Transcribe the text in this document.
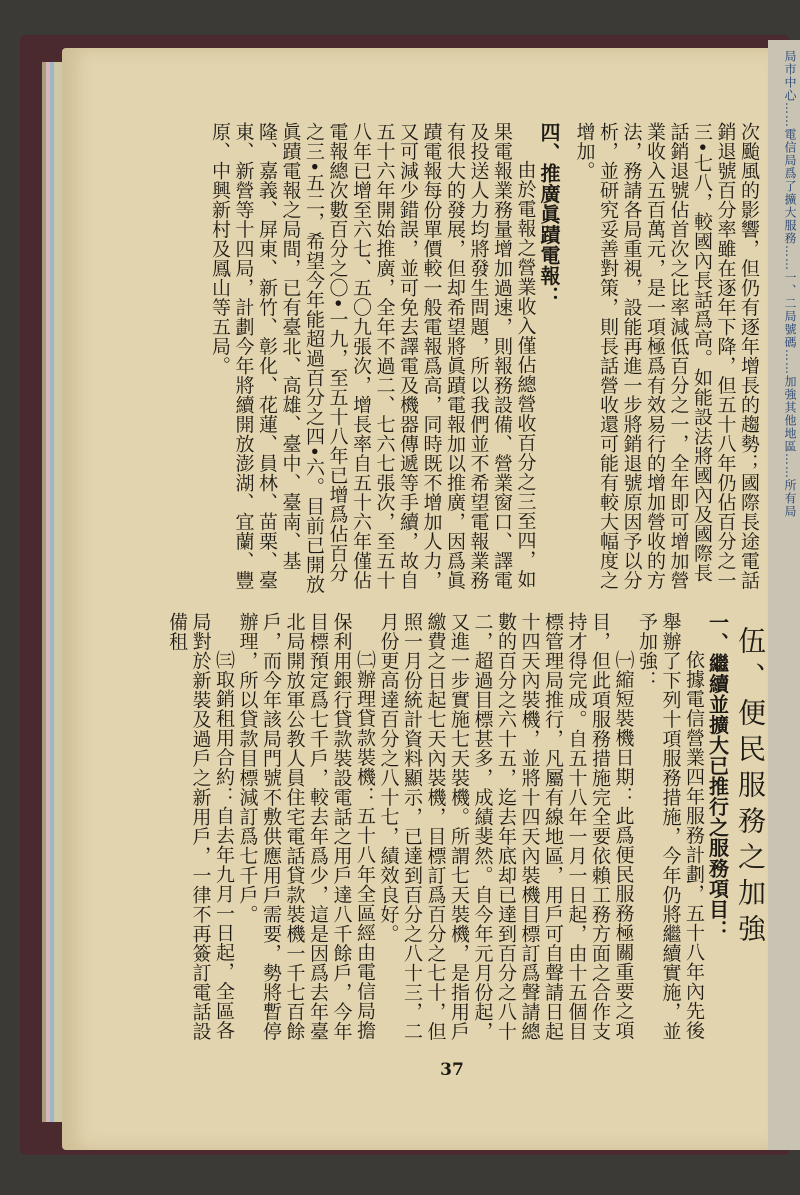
局市中心……電信局爲了擴大服務……一、二局號碼……加強其他地區……所有局

次颱風的影響，但仍有逐年增長的趨勢；國際長途電話銷退號百分率雖在逐年下降，但五十八年仍佔百分之一三•七八，較國內長話爲高。如能設法將國內及國際長話銷退號佔首次之比率減低百分之一，全年即可增加營業收入五百萬元，是一項極爲有效易行的增加營收的方法，務請各局重視，設能再進一步將銷退號原因予以分析，並研究妥善對策，則長話營收還可能有較大幅度之增加。

四、推廣眞蹟電報：

由於電報之營業收入僅佔總營收百分之三至四，如果電報業務量增加過速，則報務設備、營業窗口、譯電及投送人力均將發生問題，所以我們並不希望電報業務有很大的發展，但却希望將眞蹟電報加以推廣，因爲眞蹟電報每份單價較一般電報爲高，同時既不增加人力，又可減少錯誤，並可免去譯電及機器傳遞等手續，故自五十六年開始推廣，全年不過二、七六七張次，至五十八年已增至六七、五〇九張次，增長率自五十六年僅佔電報總次數百分之〇•一九，至五十八年已增爲佔百分之三•五二，希望今年能超過百分之四•六。目前已開放眞蹟電報之局間，已有臺北、高雄、臺中、臺南、基隆、嘉義、屏東、新竹、彰化、花蓮、員林、苗栗、臺東、新營等十四局，計劃今年將續開放澎湖、宜蘭、豐原、中興新村及鳳山等五局。

伍、便民服務之加強

一、繼續並擴大已推行之服務項目：

依據電信營業四年服務計劃，五十八年內先後舉辦了下列十項服務措施，今年仍將繼續實施，並予加強：

㈠縮短裝機日期：此爲便民服務極關重要之項目，但此項服務措施完全要依賴工務方面之合作支持才得完成。自五十八年一月一日起，由十五個目標管理局推行，凡屬有線地區，用戶可自聲請日起十四天內裝機，並將十四天內裝機目標訂爲聲請總數的百分之六十五，迄去年底却已達到百分之八十二，超過目標甚多，成績斐然。自今年元月份起，又進一步實施七天裝機。所謂七天裝機，是指用戶繳費之日起七天內裝機，目標訂爲百分之七十，但照一月份統計資料顯示，已達到百分之八十三，二月份更高達百分之八十七，績效良好。

㈡辦理貸款裝機：五十八年全區經由電信局擔保利用銀行貸款裝設電話之用戶達八千餘戶，今年目標預定爲七千戶，較去年爲少，這是因爲去年臺北局開放軍公教人員住宅電話貸款裝機一千七百餘戶，而今年該局門號不敷供應用戶需要，勢將暫停辦理，所以貸款目標減訂爲七千戶。

㈢取銷租用合約：自去年九月一日起，全區各局對於新裝及過戶之新用戶，一律不再簽訂電話設備租

37
